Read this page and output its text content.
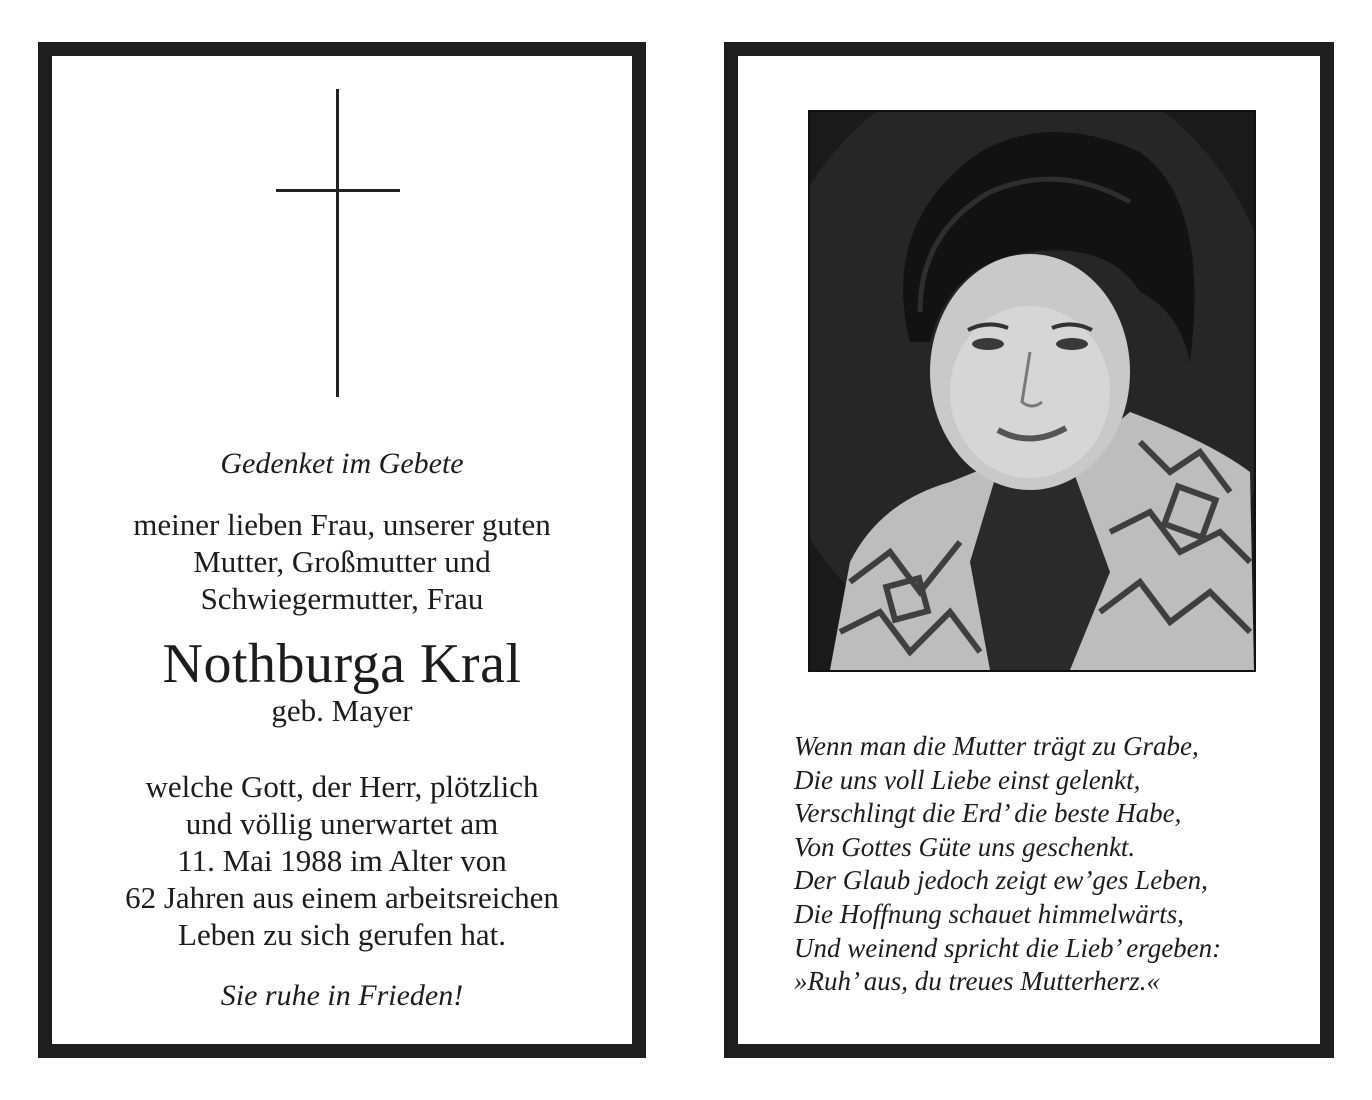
Gedenket im Gebete

meiner lieben Frau, unserer guten
Mutter, Großmutter und
Schwiegermutter, Frau

Nothburga Kral

geb. Mayer

welche Gott, der Herr, plötzlich
und völlig unerwartet am
11. Mai 1988 im Alter von
62 Jahren aus einem arbeitsreichen
Leben zu sich gerufen hat.

Sie ruhe in Frieden!

Wenn man die Mutter trägt zu Grabe,
Die uns voll Liebe einst gelenkt,
Verschlingt die Erd’ die beste Habe,
Von Gottes Güte uns geschenkt.
Der Glaub jedoch zeigt ew’ges Leben,
Die Hoffnung schauet himmelwärts,
Und weinend spricht die Lieb’ ergeben:
»Ruh’ aus, du treues Mutterherz.«
